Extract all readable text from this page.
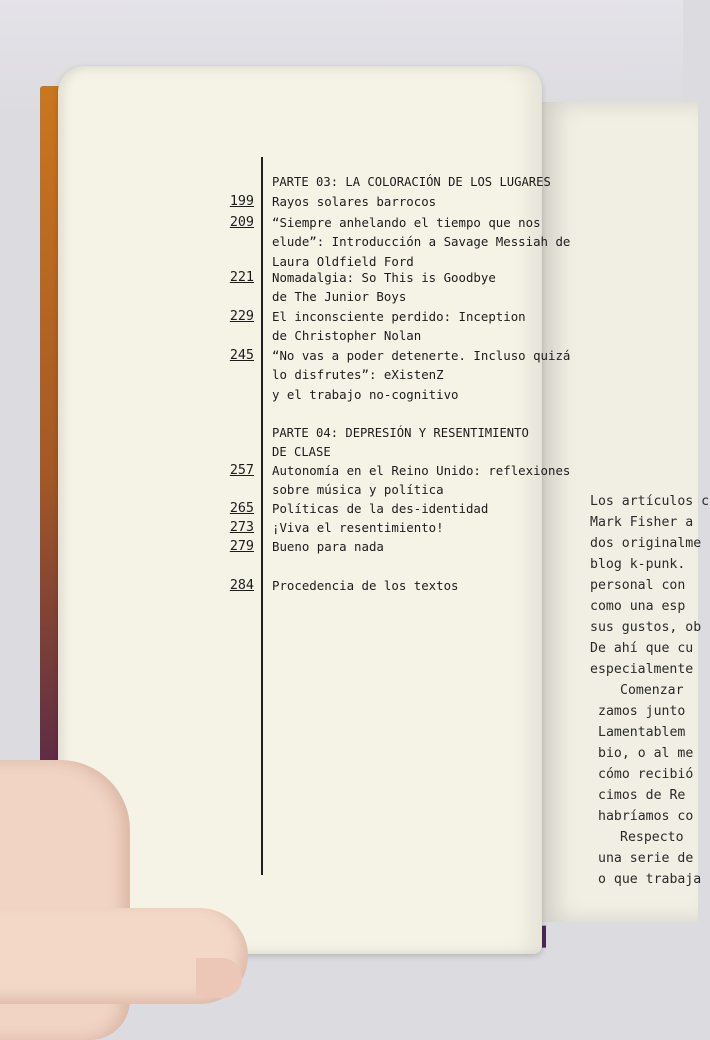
Los artículos c
Mark Fisher a
dos originalme
blog k-punk.
personal con
como una esp
sus gustos, ob
De ahí que cu
especialmente
Comenzar
zamos junto
Lamentablem
bio, o al me
cómo recibió
cimos de Re
habríamos co
Respecto
una serie de
o que trabaja
PARTE 03: LA COLORACIÓN DE LOS LUGARES
PARTE 04: DEPRESIÓN Y RESENTIMIENTO
DE CLASE
199 Rayos solares barrocos
209 “Siempre anhelando el tiempo que nos
elude”: Introducción a Savage Messiah de
Laura Oldfield Ford
221 Nomadalgia: So This is Goodbye
de The Junior Boys
229 El inconsciente perdido: Inception
de Christopher Nolan
245 “No vas a poder detenerte. Incluso quizá
lo disfrutes”: eXistenZ
y el trabajo no-cognitivo
257 Autonomía en el Reino Unido: reflexiones
sobre música y política
265 Políticas de la des-identidad
273 ¡Viva el resentimiento!
279 Bueno para nada
284 Procedencia de los textos
